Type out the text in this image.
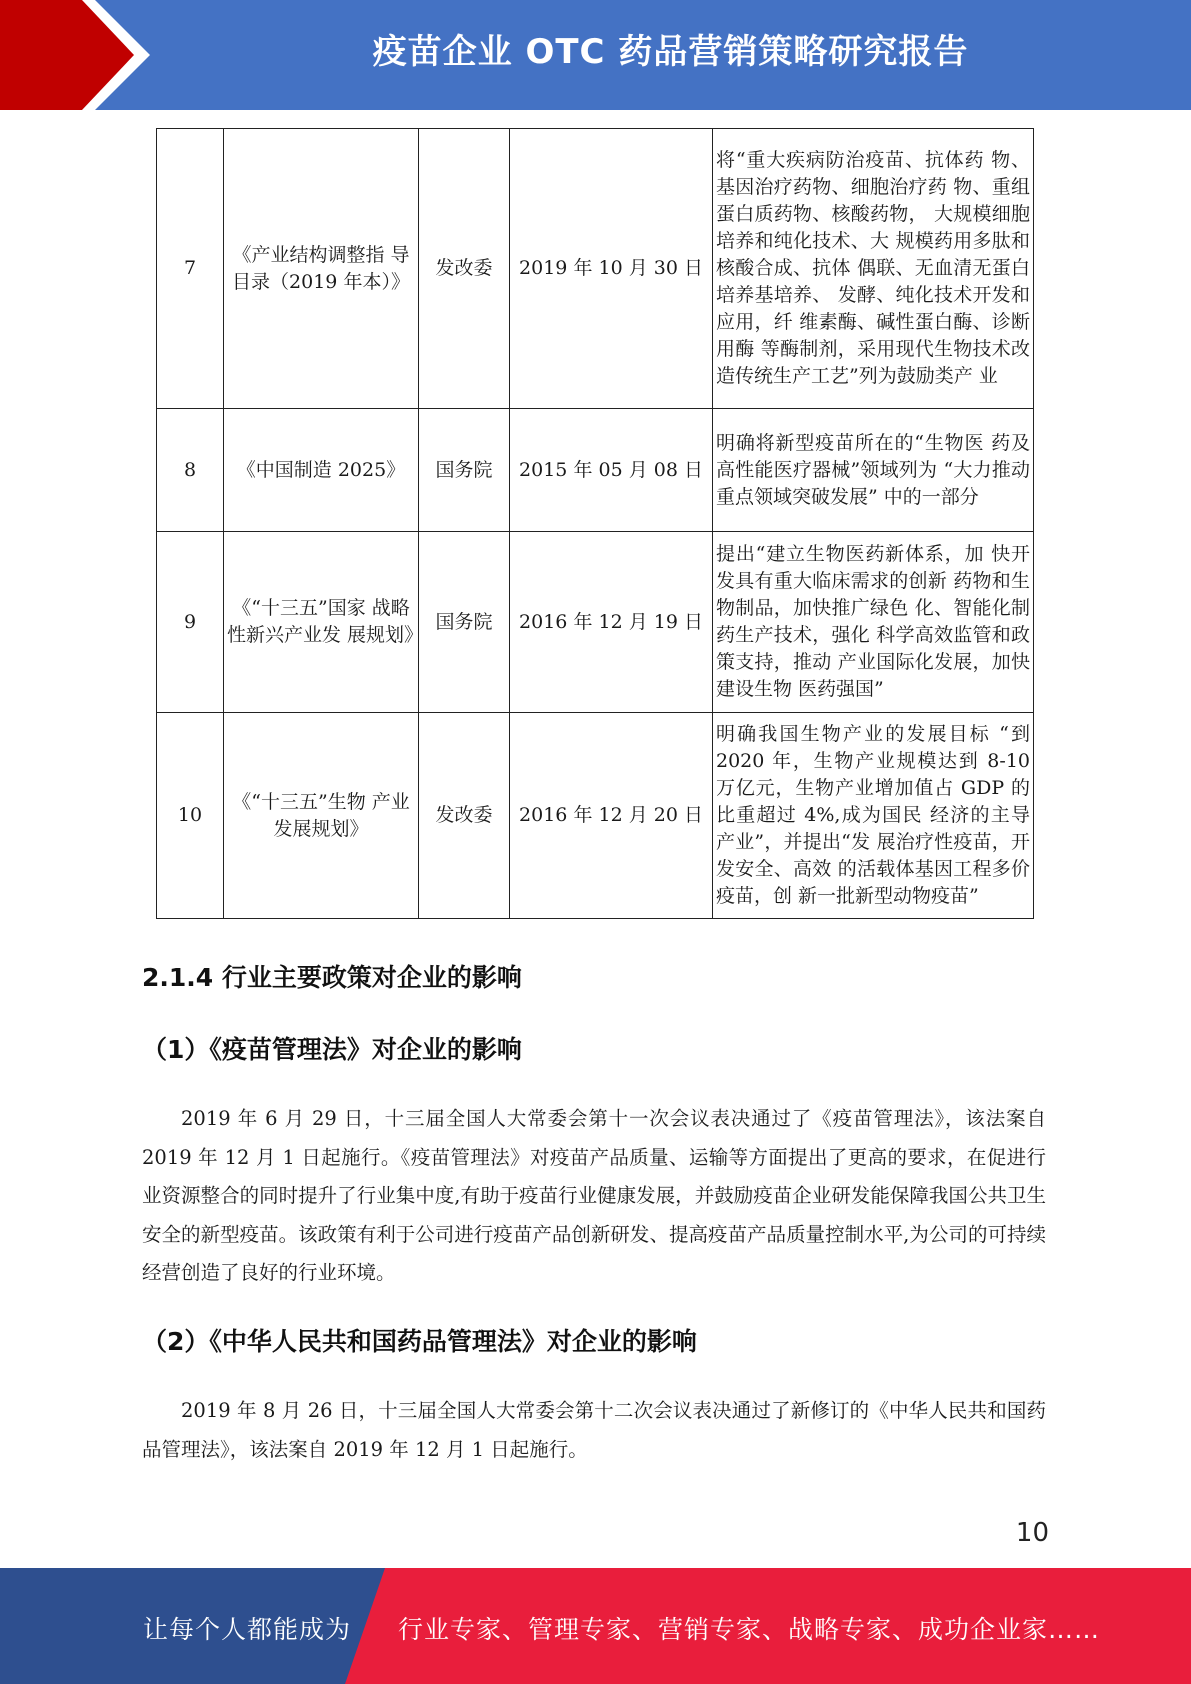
疫苗企业 OTC 药品营销策略研究报告
7	《产业结构调整指 导目录（2019 年本）》	发改委	2019 年 10 月 30 日	将“重大疾病防治疫苗、抗体药 物、基因治疗药物、细胞治疗药 物、重组蛋白质药物、核酸药物， 大规模细胞培养和纯化技术、大 规模药用多肽和核酸合成、抗体 偶联、无血清无蛋白培养基培养、 发酵、纯化技术开发和应用，纤 维素酶、碱性蛋白酶、诊断用酶 等酶制剂，采用现代生物技术改 造传统生产工艺”列为鼓励类产 业
8	《中国制造 2025》	国务院	2015 年 05 月 08 日	明确将新型疫苗所在的“生物医 药及高性能医疗器械”领域列为 “大力推动重点领域突破发展” 中的一部分
9	《“十三五”国家 战略性新兴产业发 展规划》	国务院	2016 年 12 月 19 日	提出“建立生物医药新体系，加 快开发具有重大临床需求的创新 药物和生物制品，加快推广绿色 化、智能化制药生产技术，强化 科学高效监管和政策支持，推动 产业国际化发展，加快建设生物 医药强国”
10	《“十三五”生物 产业发展规划》	发改委	2016 年 12 月 20 日	明确我国生物产业的发展目标 “到 2020 年，生物产业规模达到 8-10 万亿元，生物产业增加值占 GDP 的比重超过 4%,成为国民 经济的主导产业”，并提出“发 展治疗性疫苗，开发安全、高效 的活载体基因工程多价疫苗，创 新一批新型动物疫苗”
2.1.4 行业主要政策对企业的影响
（1）《疫苗管理法》对企业的影响

2019 年 6 月 29 日，十三届全国人大常委会第十一次会议表决通过了《疫苗管理法》，该法案自 2019 年 12 月 1 日起施行。《疫苗管理法》对疫苗产品质量、运输等方面提出了更高的要求，在促进行业资源整合的同时提升了行业集中度,有助于疫苗行业健康发展，并鼓励疫苗企业研发能保障我国公共卫生安全的新型疫苗。该政策有利于公司进行疫苗产品创新研发、提高疫苗产品质量控制水平,为公司的可持续经营创造了良好的行业环境。

（2）《中华人民共和国药品管理法》对企业的影响

2019 年 8 月 26 日，十三届全国人大常委会第十二次会议表决通过了新修订的《中华人民共和国药品管理法》，该法案自 2019 年 12 月 1 日起施行。

10
让每个人都能成为 行业专家、管理专家、营销专家、战略专家、成功企业家……
